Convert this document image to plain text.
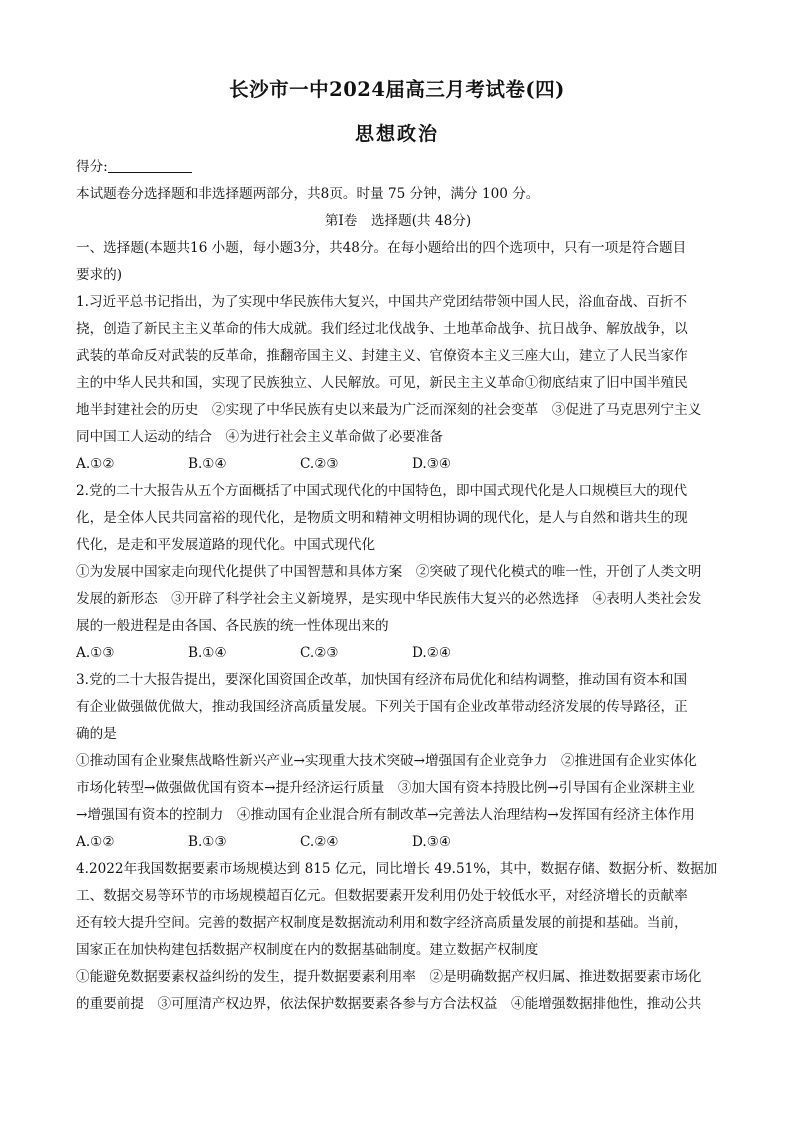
长沙市一中2024届高三月考试卷(四)
思想政治
得分:
本试题卷分选择题和非选择题两部分，共8页。时量 75 分钟，满分 100 分。
第Ⅰ卷　选择题(共 48分)
一、选择题(本题共16 小题，每小题3分，共48分。在每小题给出的四个选项中，只有一项是符合题目
要求的)
1.习近平总书记指出，为了实现中华民族伟大复兴，中国共产党团结带领中国人民，浴血奋战、百折不
挠，创造了新民主主义革命的伟大成就。我们经过北伐战争、土地革命战争、抗日战争、解放战争，以
武装的革命反对武装的反革命，推翻帝国主义、封建主义、官僚资本主义三座大山，建立了人民当家作
主的中华人民共和国，实现了民族独立、人民解放。可见，新民主主义革命①彻底结束了旧中国半殖民
地半封建社会的历史　②实现了中华民族有史以来最为广泛而深刻的社会变革　③促进了马克思列宁主义
同中国工人运动的结合　④为进行社会主义革命做了必要准备
A.①②	B.①④	C.②③	D.③④
2.党的二十大报告从五个方面概括了中国式现代化的中国特色，即中国式现代化是人口规模巨大的现代
化，是全体人民共同富裕的现代化，是物质文明和精神文明相协调的现代化，是人与自然和谐共生的现
代化，是走和平发展道路的现代化。中国式现代化
①为发展中国家走向现代化提供了中国智慧和具体方案　②突破了现代化模式的唯一性，开创了人类文明
发展的新形态　③开辟了科学社会主义新境界，是实现中华民族伟大复兴的必然选择　④表明人类社会发
展的一般进程是由各国、各民族的统一性体现出来的
A.①③	B.①④	C.②③	D.②④
3.党的二十大报告提出，要深化国资国企改革，加快国有经济布局优化和结构调整，推动国有资本和国
有企业做强做优做大，推动我国经济高质量发展。下列关于国有企业改革带动经济发展的传导路径，正
确的是
①推动国有企业聚焦战略性新兴产业→实现重大技术突破→增强国有企业竞争力　②推进国有企业实体化
市场化转型→做强做优国有资本→提升经济运行质量　③加大国有资本持股比例→引导国有企业深耕主业
→增强国有资本的控制力　④推动国有企业混合所有制改革→完善法人治理结构→发挥国有经济主体作用
A.①②	B.①③	C.②④	D.③④
4.2022年我国数据要素市场规模达到 815 亿元，同比增长 49.51%，其中，数据存储、数据分析、数据加
工、数据交易等环节的市场规模超百亿元。但数据要素开发利用仍处于较低水平，对经济增长的贡献率
还有较大提升空间。完善的数据产权制度是数据流动利用和数字经济高质量发展的前提和基础。当前，
国家正在加快构建包括数据产权制度在内的数据基础制度。建立数据产权制度
①能避免数据要素权益纠纷的发生，提升数据要素利用率　②是明确数据产权归属、推进数据要素市场化
的重要前提　③可厘清产权边界，依法保护数据要素各参与方合法权益　④能增强数据排他性，推动公共
